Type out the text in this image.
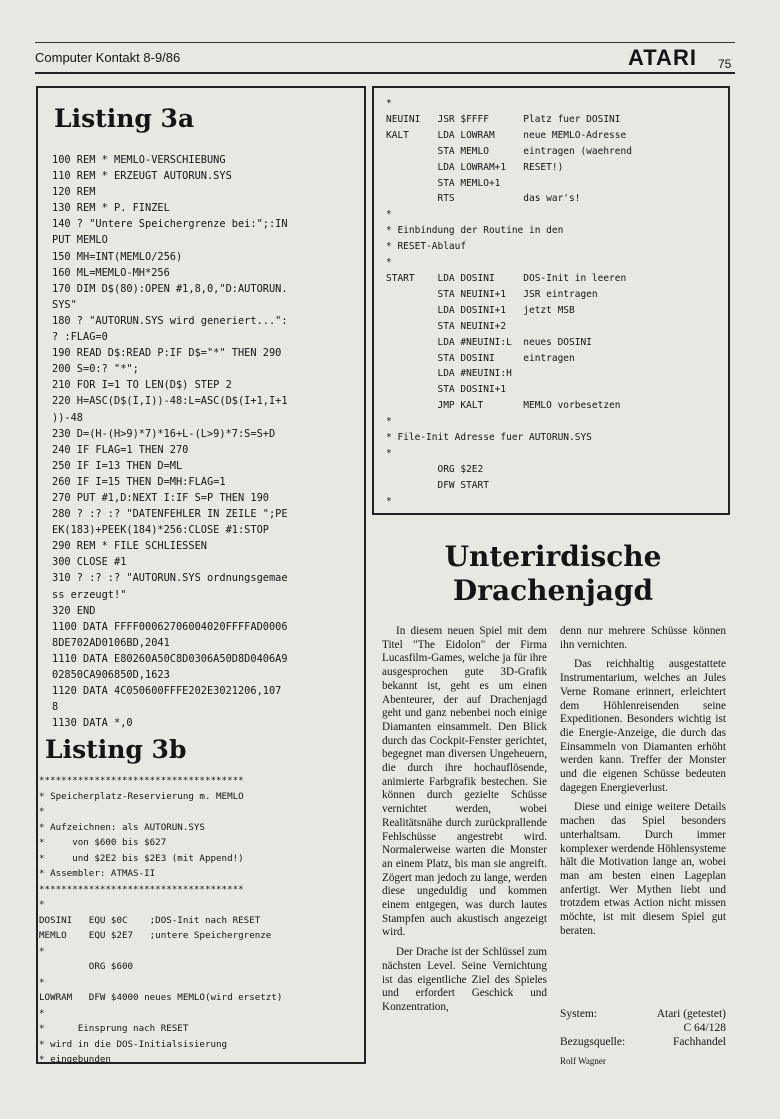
Computer Kontakt 8-9/86	ATARI 75
Listing 3a
100 REM * MEMLO-VERSCHIEBUNG
110 REM * ERZEUGT AUTORUN.SYS
120 REM
130 REM * P. FINZEL
140 ? "Untere Speichergrenze bei:";:IN
PUT MEMLO
150 MH=INT(MEMLO/256)
160 ML=MEMLO-MH*256
170 DIM D$(80):OPEN #1,8,0,"D:AUTORUN.
SYS"
180 ? "AUTORUN.SYS wird generiert...":
? :FLAG=0
190 READ D$:READ P:IF D$="*" THEN 290
200 S=0:? "*";
210 FOR I=1 TO LEN(D$) STEP 2
220 H=ASC(D$(I,I))-48:L=ASC(D$(I+1,I+1
))-48
230 D=(H-(H>9)*7)*16+L-(L>9)*7:S=S+D
240 IF FLAG=1 THEN 270
250 IF I=13 THEN D=ML
260 IF I=15 THEN D=MH:FLAG=1
270 PUT #1,D:NEXT I:IF S=P THEN 190
280 ? :? :? "DATENFEHLER IN ZEILE ";PE
EK(183)+PEEK(184)*256:CLOSE #1:STOP
290 REM * FILE SCHLIESSEN
300 CLOSE #1
310 ? :? :? "AUTORUN.SYS ordnungsgemae
ss erzeugt!"
320 END
1100 DATA FFFF00062706004020FFFFAD0006
8DE702AD0106BD,2041
1110 DATA E80260A50C8D0306A50D8D0406A9
02850CA906850D,1623
1120 DATA 4C050600FFFE202E3021206,107
8
1130 DATA *,0
Listing 3b
*************************************
* Speicherplatz-Reservierung m. MEMLO
*
* Aufzeichnen: als AUTORUN.SYS
*     von $600 bis $627
*     und $2E2 bis $2E3 (mit Append!)
* Assembler: ATMAS-II
*************************************
*
DOSINI   EQU $0C    ;DOS-Init nach RESET
MEMLO    EQU $2E7   ;untere Speichergrenze
*
ORG $600
*
LOWRAM   DFW $4000 neues MEMLO(wird ersetzt)
*
*      Einsprung nach RESET
* wird in die DOS-Initialsisierung
* eingebunden
*
NEUINI   JSR $FFFF      Platz fuer DOSINI
KALT     LDA LOWRAM     neue MEMLO-Adresse
STA MEMLO      eintragen (waehrend
LDA LOWRAM+1   RESET!)
STA MEMLO+1
RTS            das war's!
*
* Einbindung der Routine in den
* RESET-Ablauf
*
START    LDA DOSINI     DOS-Init in leeren
STA NEUINI+1   JSR eintragen
LDA DOSINI+1   jetzt MSB
STA NEUINI+2
LDA #NEUINI:L  neues DOSINI
STA DOSINI     eintragen
LDA #NEUINI:H
STA DOSINI+1
JMP KALT       MEMLO vorbesetzen
*
* File-Init Adresse fuer AUTORUN.SYS
*
ORG $2E2
DFW START
*
Unterirdische
Drachenjagd

In diesem neuen Spiel mit dem Titel "The Eidolon" der Firma Lucasfilm-Games, welche ja für ihre ausgesprochen gute 3D-Grafik bekannt ist, geht es um einen Abenteurer, der auf Drachenjagd geht und ganz nebenbei noch einige Diamanten einsammelt. Den Blick durch das Cockpit-Fenster gerichtet, begegnet man diversen Ungeheuern, die durch ihre hochauflösende, animierte Farbgrafik bestechen. Sie können durch gezielte Schüsse vernichtet werden, wobei Realitätsnähe durch zurückprallende Fehlschüsse angestrebt wird. Normalerweise warten die Monster an einem Platz, bis man sie angreift. Zögert man jedoch zu lange, werden diese ungeduldig und kommen einem entgegen, was durch lautes Stampfen auch akustisch angezeigt wird.

Der Drache ist der Schlüssel zum nächsten Level. Seine Vernichtung ist das eigentliche Ziel des Spieles und erfordert Geschick und Konzentration,

denn nur mehrere Schüsse können ihn vernichten.

Das reichhaltig ausgestattete Instrumentarium, welches an Jules Verne Romane erinnert, erleichtert dem Höhlenreisenden seine Expeditionen. Besonders wichtig ist die Energie-Anzeige, die durch das Einsammeln von Diamanten erhöht werden kann. Treffer der Monster und die eigenen Schüsse bedeuten dagegen Energieverlust.

Diese und einige weitere Details machen das Spiel besonders unterhaltsam. Durch immer komplexer werdende Höhlensysteme hält die Motivation lange an, wobei man am besten einen Lageplan anfertigt. Wer Mythen liebt und trotzdem etwas Action nicht missen möchte, ist mit diesem Spiel gut beraten.

System:	Atari (getestet)
C 64/128
Bezugsquelle:	Fachhandel
Rolf Wagner
